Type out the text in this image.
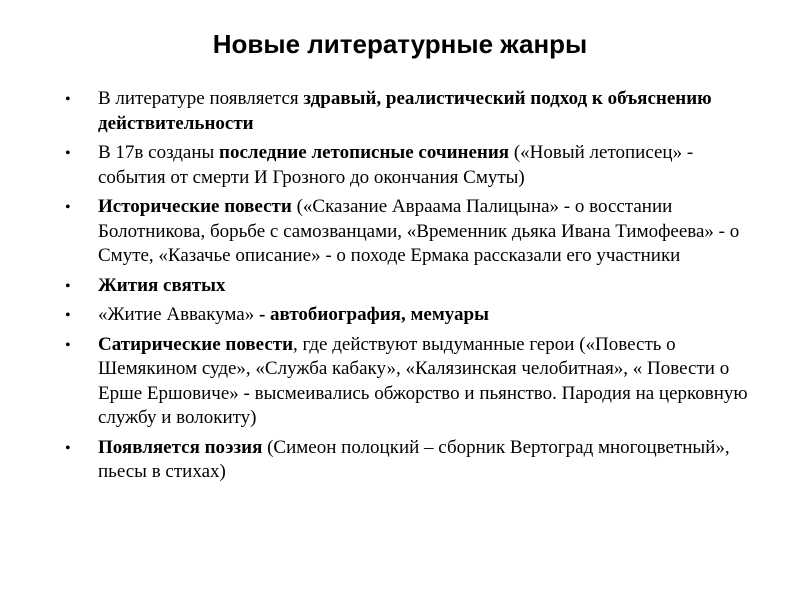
Новые литературные жанры
• В литературе появляется здравый, реалистический подход к объяснению действительности
• В 17в созданы последние летописные сочинения («Новый летописец» - события от смерти И Грозного до окончания Смуты)
• Исторические повести («Сказание Авраама Палицына» - о восстании Болотникова, борьбе с самозванцами, «Временник дьяка Ивана Тимофеева» - о Смуте, «Казачье описание» - о походе Ермака рассказали его участники
• Жития святых
• «Житие Аввакума» - автобиография, мемуары
• Сатирические повести, где действуют выдуманные герои («Повесть о Шемякином суде», «Служба кабаку», «Калязинская челобитная», « Повести о Ерше Ершовиче» - высмеивались обжорство и пьянство. Пародия на церковную службу и волокиту)
• Появляется поэзия (Симеон полоцкий – сборник Вертоград многоцветный», пьесы в стихах)
